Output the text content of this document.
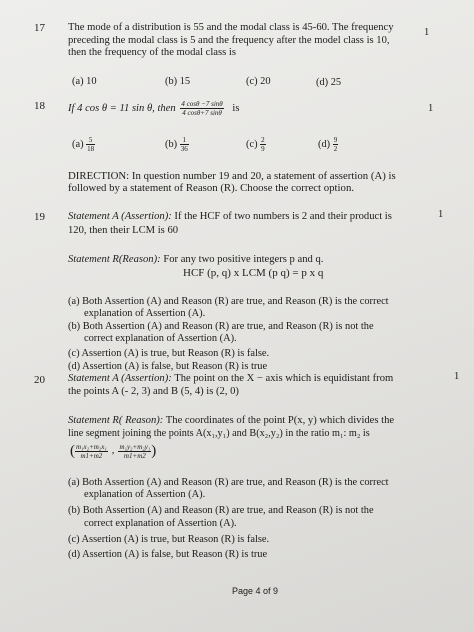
17 The mode of a distribution is 55 and the modal class is 45-60. The frequency
preceding the modal class is 5 and the frequency after the model class is 10,
then the frequency of the modal class is
1
(a) 10	(b) 15	(c) 20	(d) 25
18 If 4 cos θ = 11 sin θ, then $\frac{4 \cos\theta -7 \sin\theta}{4 \cos\theta+7 \sin\theta}$ is	1
$(a) \frac{5}{18}$	$(b) \frac{1}{36}$	$(c) \frac{2}{9}$	$(d) \frac{9}{2}$
DIRECTION: In question number 19 and 20, a statement of assertion (A) is
followed by a statement of Reason (R). Choose the correct option.
19 Statement A (Assertion): If the HCF of two numbers is 2 and their product is
120, then their LCM is 60
1
Statement R(Reason): For any two positive integers p and q.
HCF (p, q) x LCM (p q) = p x q
(a) Both Assertion (A) and Reason (R) are true, and Reason (R) is the correct
explanation of Assertion (A).
(b) Both Assertion (A) and Reason (R) are true, and Reason (R) is not the
correct explanation of Assertion (A).
(c) Assertion (A) is true, but Reason (R) is false.
(d) Assertion (A) is false, but Reason (R) is true
20 Statement A (Assertion): The point on the X − axis which is equidistant from
the points A (- 2, 3) and B (5, 4) is (2, 0)
1
Statement R( Reason): The coordinates of the point P(x, y) which divides the
line segment joining the points A(x₁,y₁) and B(x₂,y₂) in the ratio m₁: m₂ is
( $\frac{\text{m₁x₂+m₂x₁}}{m1+m2}$ , $\frac{\text{m₁y₂+m₂y₁}}{m1+m2}$ )
(a) Both Assertion (A) and Reason (R) are true, and Reason (R) is the correct
explanation of Assertion (A).
(b) Both Assertion (A) and Reason (R) are true, and Reason (R) is not the
correct explanation of Assertion (A).
(c) Assertion (A) is true, but Reason (R) is false.
(d) Assertion (A) is false, but Reason (R) is true
Page 4 of 9
